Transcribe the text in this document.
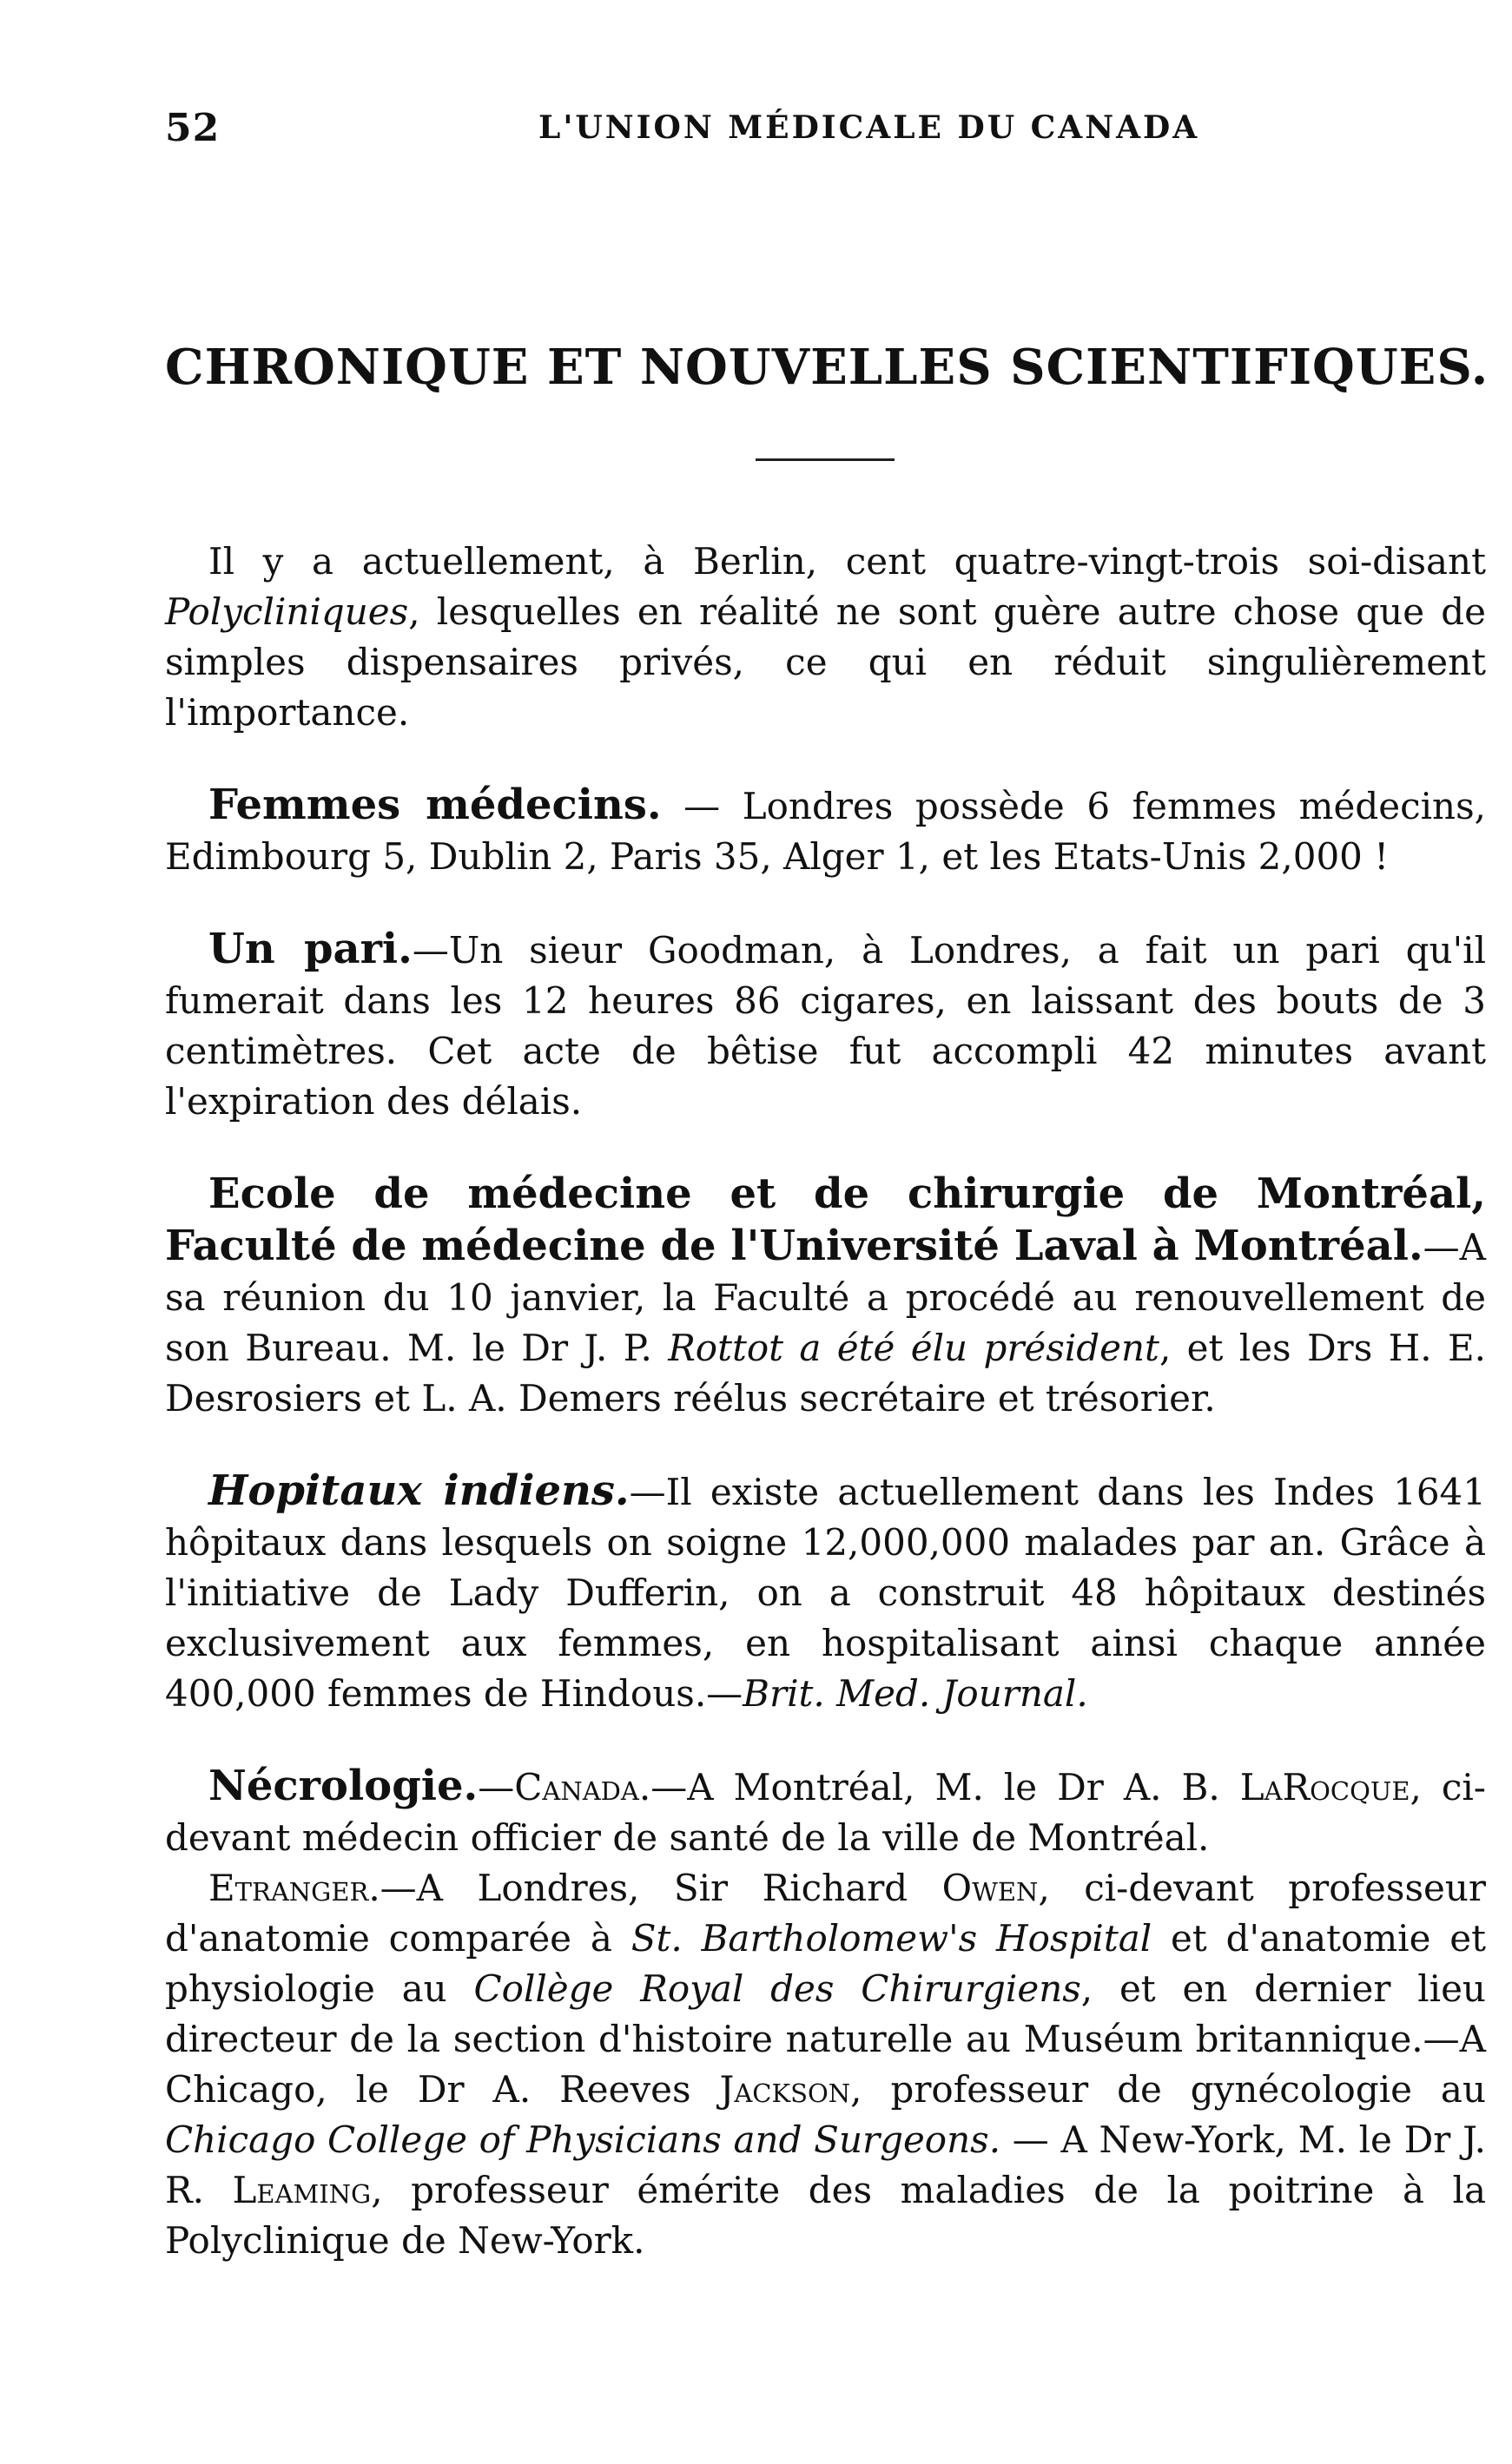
52	L'UNION MÉDICALE DU CANADA
CHRONIQUE ET NOUVELLES SCIENTIFIQUES.

Il y a actuellement, à Berlin, cent quatre-vingt-trois soi-disant Polycliniques, lesquelles en réalité ne sont guère autre chose que de simples dispensaires privés, ce qui en réduit singulièrement l'importance.

Femmes médecins. — Londres possède 6 femmes médecins, Edimbourg 5, Dublin 2, Paris 35, Alger 1, et les Etats-Unis 2,000 !

Un pari.—Un sieur Goodman, à Londres, a fait un pari qu'il fumerait dans les 12 heures 86 cigares, en laissant des bouts de 3 centimètres. Cet acte de bêtise fut accompli 42 minutes avant l'expiration des délais.

Ecole de médecine et de chirurgie de Montréal, Faculté de médecine de l'Université Laval à Montréal.—A sa réunion du 10 janvier, la Faculté a procédé au renouvellement de son Bureau. M. le Dr J. P. Rottot a été élu président, et les Drs H. E. Desrosiers et L. A. Demers réélus secrétaire et trésorier.

Hopitaux indiens.—Il existe actuellement dans les Indes 1641 hôpitaux dans lesquels on soigne 12,000,000 malades par an. Grâce à l'initiative de Lady Dufferin, on a construit 48 hôpitaux destinés exclusivement aux femmes, en hospitalisant ainsi chaque année 400,000 femmes de Hindous.—Brit. Med. Journal.

Nécrologie.—Canada.—A Montréal, M. le Dr A. B. LaRocque, ci-devant médecin officier de santé de la ville de Montréal.

Etranger.—A Londres, Sir Richard Owen, ci-devant professeur d'anatomie comparée à St. Bartholomew's Hospital et d'anatomie et physiologie au Collège Royal des Chirurgiens, et en dernier lieu directeur de la section d'histoire naturelle au Muséum britannique.—A Chicago, le Dr A. Reeves Jackson, professeur de gynécologie au Chicago College of Physicians and Surgeons. — A New-York, M. le Dr J. R. Leaming, professeur émérite des maladies de la poitrine à la Polyclinique de New-York.
